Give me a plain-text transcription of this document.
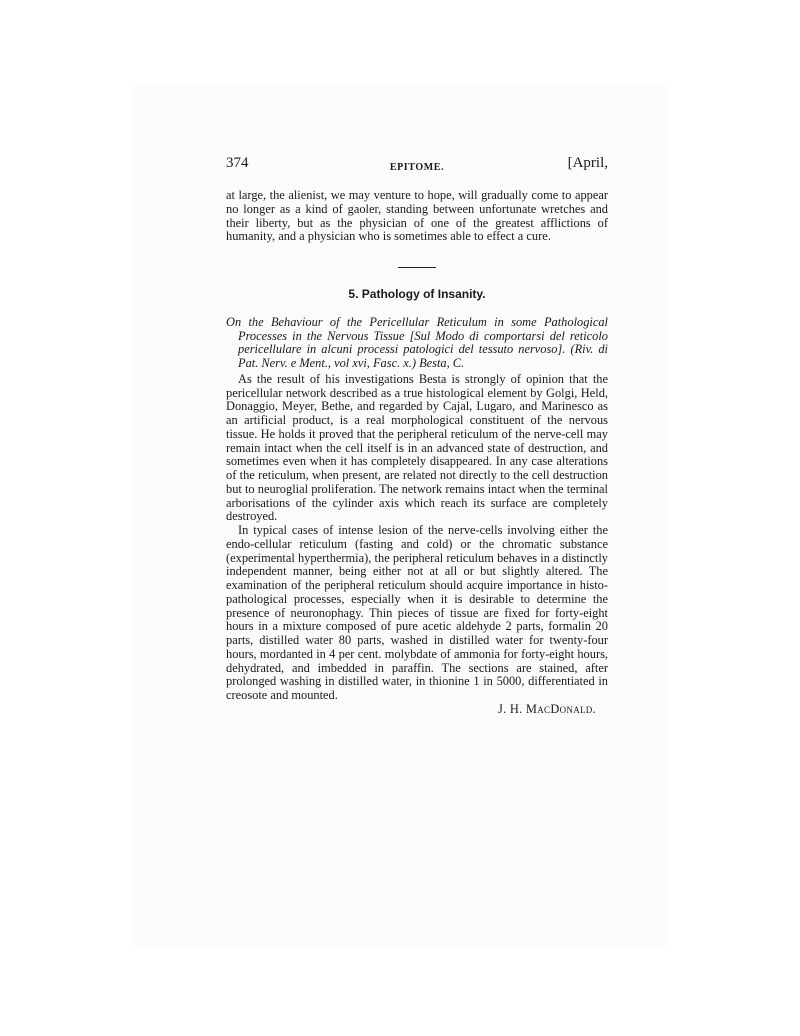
374	EPITOME.	[April,

at large, the alienist, we may venture to hope, will gradually come to appear no longer as a kind of gaoler, standing between unfortunate wretches and their liberty, but as the physician of one of the greatest afflictions of humanity, and a physician who is sometimes able to effect a cure.

5. Pathology of Insanity.

On the Behaviour of the Pericellular Reticulum in some Pathological Processes in the Nervous Tissue [Sul Modo di comportarsi del reticolo pericellulare in alcuni processi patologici del tessuto nervoso]. (Riv. di Pat. Nerv. e Ment., vol xvi, Fasc. x.) Besta, C.

As the result of his investigations Besta is strongly of opinion that the pericellular network described as a true histological element by Golgi, Held, Donaggio, Meyer, Bethe, and regarded by Cajal, Lugaro, and Marinesco as an artificial product, is a real morphological constituent of the nervous tissue. He holds it proved that the peripheral reticulum of the nerve-cell may remain intact when the cell itself is in an advanced state of destruction, and sometimes even when it has completely disappeared. In any case alterations of the reticulum, when present, are related not directly to the cell destruction but to neuroglial proliferation. The network remains intact when the terminal arborisations of the cylinder axis which reach its surface are completely destroyed.

In typical cases of intense lesion of the nerve-cells involving either the endo-cellular reticulum (fasting and cold) or the chromatic substance (experimental hyperthermia), the peripheral reticulum behaves in a distinctly independent manner, being either not at all or but slightly altered. The examination of the peripheral reticulum should acquire importance in histo-pathological processes, especially when it is desirable to determine the presence of neuronophagy. Thin pieces of tissue are fixed for forty-eight hours in a mixture composed of pure acetic aldehyde 2 parts, formalin 20 parts, distilled water 80 parts, washed in distilled water for twenty-four hours, mordanted in 4 per cent. molybdate of ammonia for forty-eight hours, dehydrated, and imbedded in paraffin. The sections are stained, after prolonged washing in distilled water, in thionine 1 in 5000, differentiated in creosote and mounted.

J. H. MacDonald.
